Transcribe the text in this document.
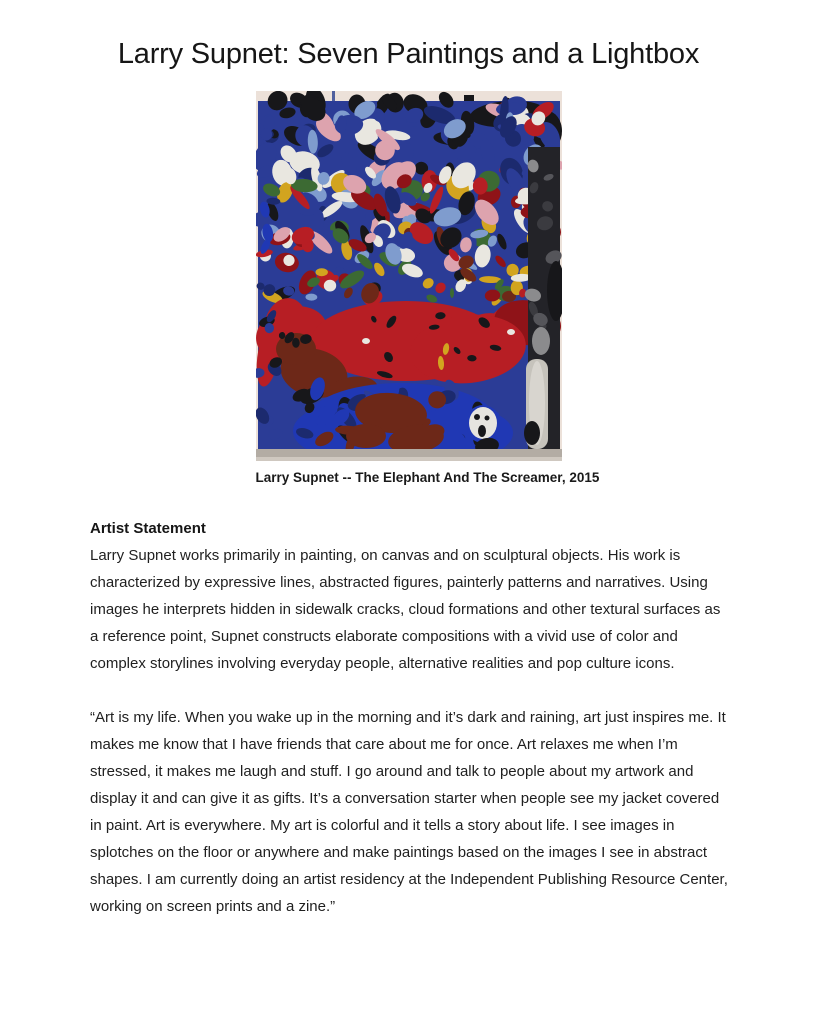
Larry Supnet: Seven Paintings and a Lightbox
Larry Supnet -- The Elephant And The Screamer, 2015
Artist Statement

Larry Supnet works primarily in painting, on canvas and on sculptural objects. His work is characterized by expressive lines, abstracted figures, painterly patterns and narratives. Using images he interprets hidden in sidewalk cracks, cloud formations and other textural surfaces as a reference point, Supnet constructs elaborate compositions with a vivid use of color and complex storylines involving everyday people, alternative realities and pop culture icons.

“Art is my life. When you wake up in the morning and it’s dark and raining, art just inspires me. It makes me know that I have friends that care about me for once. Art relaxes me when I’m stressed, it makes me laugh and stuff. I go around and talk to people about my artwork and display it and can give it as gifts. It’s a conversation starter when people see my jacket covered in paint. Art is everywhere. My art is colorful and it tells a story about life. I see images in splotches on the floor or anywhere and make paintings based on the images I see in abstract shapes. I am currently doing an artist residency at the Independent Publishing Resource Center, working on screen prints and a zine.”
